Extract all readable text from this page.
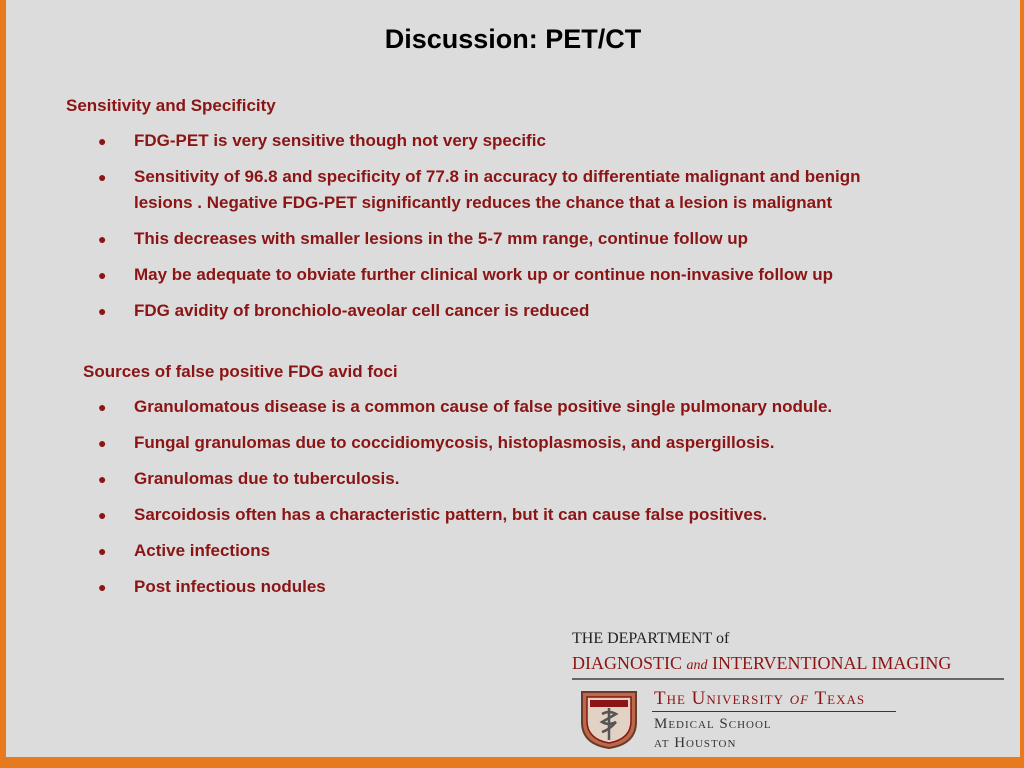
Discussion: PET/CT
Sensitivity and Specificity
● FDG-PET is very sensitive though not very specific
● Sensitivity of 96.8 and specificity of 77.8 in accuracy to differentiate malignant and benign lesions . Negative FDG-PET significantly reduces the chance that a lesion is malignant
● This decreases with smaller lesions in the 5-7 mm range, continue follow up
● May be adequate to obviate further clinical work up or continue non-invasive follow up
● FDG avidity of bronchiolo-aveolar cell cancer is reduced
Sources of false positive FDG avid foci
● Granulomatous disease is a common cause of false positive single pulmonary nodule.
● Fungal granulomas due to coccidiomycosis, histoplasmosis, and aspergillosis.
● Granulomas due to tuberculosis.
● Sarcoidosis often has a characteristic pattern, but it can cause false positives.
● Active infections
● Post infectious nodules
THE DEPARTMENT of
DIAGNOSTIC and INTERVENTIONAL IMAGING
The University of Texas
Medical School
at Houston
